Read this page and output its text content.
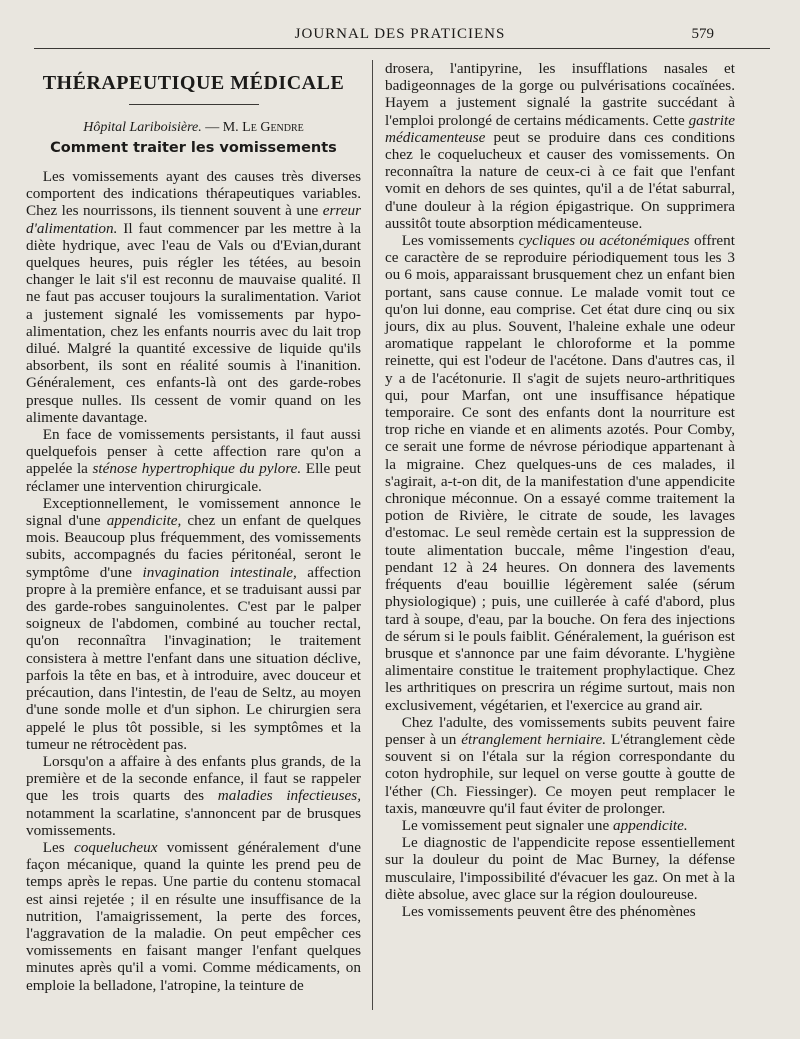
JOURNAL DES PRATICIENS	579
THÉRAPEUTIQUE MÉDICALE
Hôpital Lariboisière. — M. Le Gendre
Comment traiter les vomissements

Les vomissements ayant des causes très diverses comportent des indications thérapeutiques variables. Chez les nourrissons, ils tiennent souvent à une erreur d'alimentation. Il faut commencer par les mettre à la diète hydrique, avec l'eau de Vals ou d'Evian,durant quelques heures, puis régler les tétées, au besoin changer le lait s'il est reconnu de mauvaise qualité. Il ne faut pas accuser toujours la suralimentation. Variot a justement signalé les vomissements par hypo-alimentation, chez les enfants nourris avec du lait trop dilué. Malgré la quantité excessive de liquide qu'ils absorbent, ils sont en réalité soumis à l'inanition. Généralement, ces enfants-là ont des garde-robes presque nulles. Ils cessent de vomir quand on les alimente davantage.

En face de vomissements persistants, il faut aussi quelquefois penser à cette affection rare qu'on a appelée la sténose hypertrophique du pylore. Elle peut réclamer une intervention chirurgicale.

Exceptionnellement, le vomissement annonce le signal d'une appendicite, chez un enfant de quelques mois. Beaucoup plus fréquemment, des vomissements subits, accompagnés du facies péritonéal, seront le symptôme d'une invagination intestinale, affection propre à la première enfance, et se traduisant aussi par des garde-robes sanguinolentes. C'est par le palper soigneux de l'abdomen, combiné au toucher rectal, qu'on reconnaîtra l'invagination; le traitement consistera à mettre l'enfant dans une situation déclive, parfois la tête en bas, et à introduire, avec douceur et précaution, dans l'intestin, de l'eau de Seltz, au moyen d'une sonde molle et d'un siphon. Le chirurgien sera appelé le plus tôt possible, si les symptômes et la tumeur ne rétrocèdent pas.

Lorsqu'on a affaire à des enfants plus grands, de la première et de la seconde enfance, il faut se rappeler que les trois quarts des maladies infectieuses, notamment la scarlatine, s'annoncent par de brusques vomissements.

Les coquelucheux vomissent généralement d'une façon mécanique, quand la quinte les prend peu de temps après le repas. Une partie du contenu stomacal est ainsi rejetée ; il en résulte une insuffisance de la nutrition, l'amaigrissement, la perte des forces, l'aggravation de la maladie. On peut empêcher ces vomissements en faisant manger l'enfant quelques minutes après qu'il a vomi. Comme médicaments, on emploie la belladone, l'atropine, la teinture de

drosera, l'antipyrine, les insufflations nasales et badigeonnages de la gorge ou pulvérisations cocaïnées. Hayem a justement signalé la gastrite succédant à l'emploi prolongé de certains médicaments. Cette gastrite médicamenteuse peut se produire dans ces conditions chez le coquelucheux et causer des vomissements. On reconnaîtra la nature de ceux-ci à ce fait que l'enfant vomit en dehors de ses quintes, qu'il a de l'état saburral, d'une douleur à la région épigastrique. On supprimera aussitôt toute absorption médicamenteuse.

Les vomissements cycliques ou acétonémiques offrent ce caractère de se reproduire périodiquement tous les 3 ou 6 mois, apparaissant brusquement chez un enfant bien portant, sans cause connue. Le malade vomit tout ce qu'on lui donne, eau comprise. Cet état dure cinq ou six jours, dix au plus. Souvent, l'haleine exhale une odeur aromatique rappelant le chloroforme et la pomme reinette, qui est l'odeur de l'acétone. Dans d'autres cas, il y a de l'acétonurie. Il s'agit de sujets neuro-arthritiques qui, pour Marfan, ont une insuffisance hépatique temporaire. Ce sont des enfants dont la nourriture est trop riche en viande et en aliments azotés. Pour Comby, ce serait une forme de névrose périodique appartenant à la migraine. Chez quelques-uns de ces malades, il s'agirait, a-t-on dit, de la manifestation d'une appendicite chronique méconnue. On a essayé comme traitement la potion de Rivière, le citrate de soude, les lavages d'estomac. Le seul remède certain est la suppression de toute alimentation buccale, même l'ingestion d'eau, pendant 12 à 24 heures. On donnera des lavements fréquents d'eau bouillie légèrement salée (sérum physiologique) ; puis, une cuillerée à café d'abord, plus tard à soupe, d'eau, par la bouche. On fera des injections de sérum si le pouls faiblit. Généralement, la guérison est brusque et s'annonce par une faim dévorante. L'hygiène alimentaire constitue le traitement prophylactique. Chez les arthritiques on prescrira un régime surtout, mais non exclusivement, végétarien, et l'exercice au grand air.

Chez l'adulte, des vomissements subits peuvent faire penser à un étranglement herniaire. L'étranglement cède souvent si on l'étala sur la région correspondante du coton hydrophile, sur lequel on verse goutte à goutte de l'éther (Ch. Fiessinger). Ce moyen peut remplacer le taxis, manœuvre qu'il faut éviter de prolonger.

Le vomissement peut signaler une appendicite.

Le diagnostic de l'appendicite repose essentiellement sur la douleur du point de Mac Burney, la défense musculaire, l'impossibilité d'évacuer les gaz. On met à la diète absolue, avec glace sur la région douloureuse.

Les vomissements peuvent être des phénomènes
